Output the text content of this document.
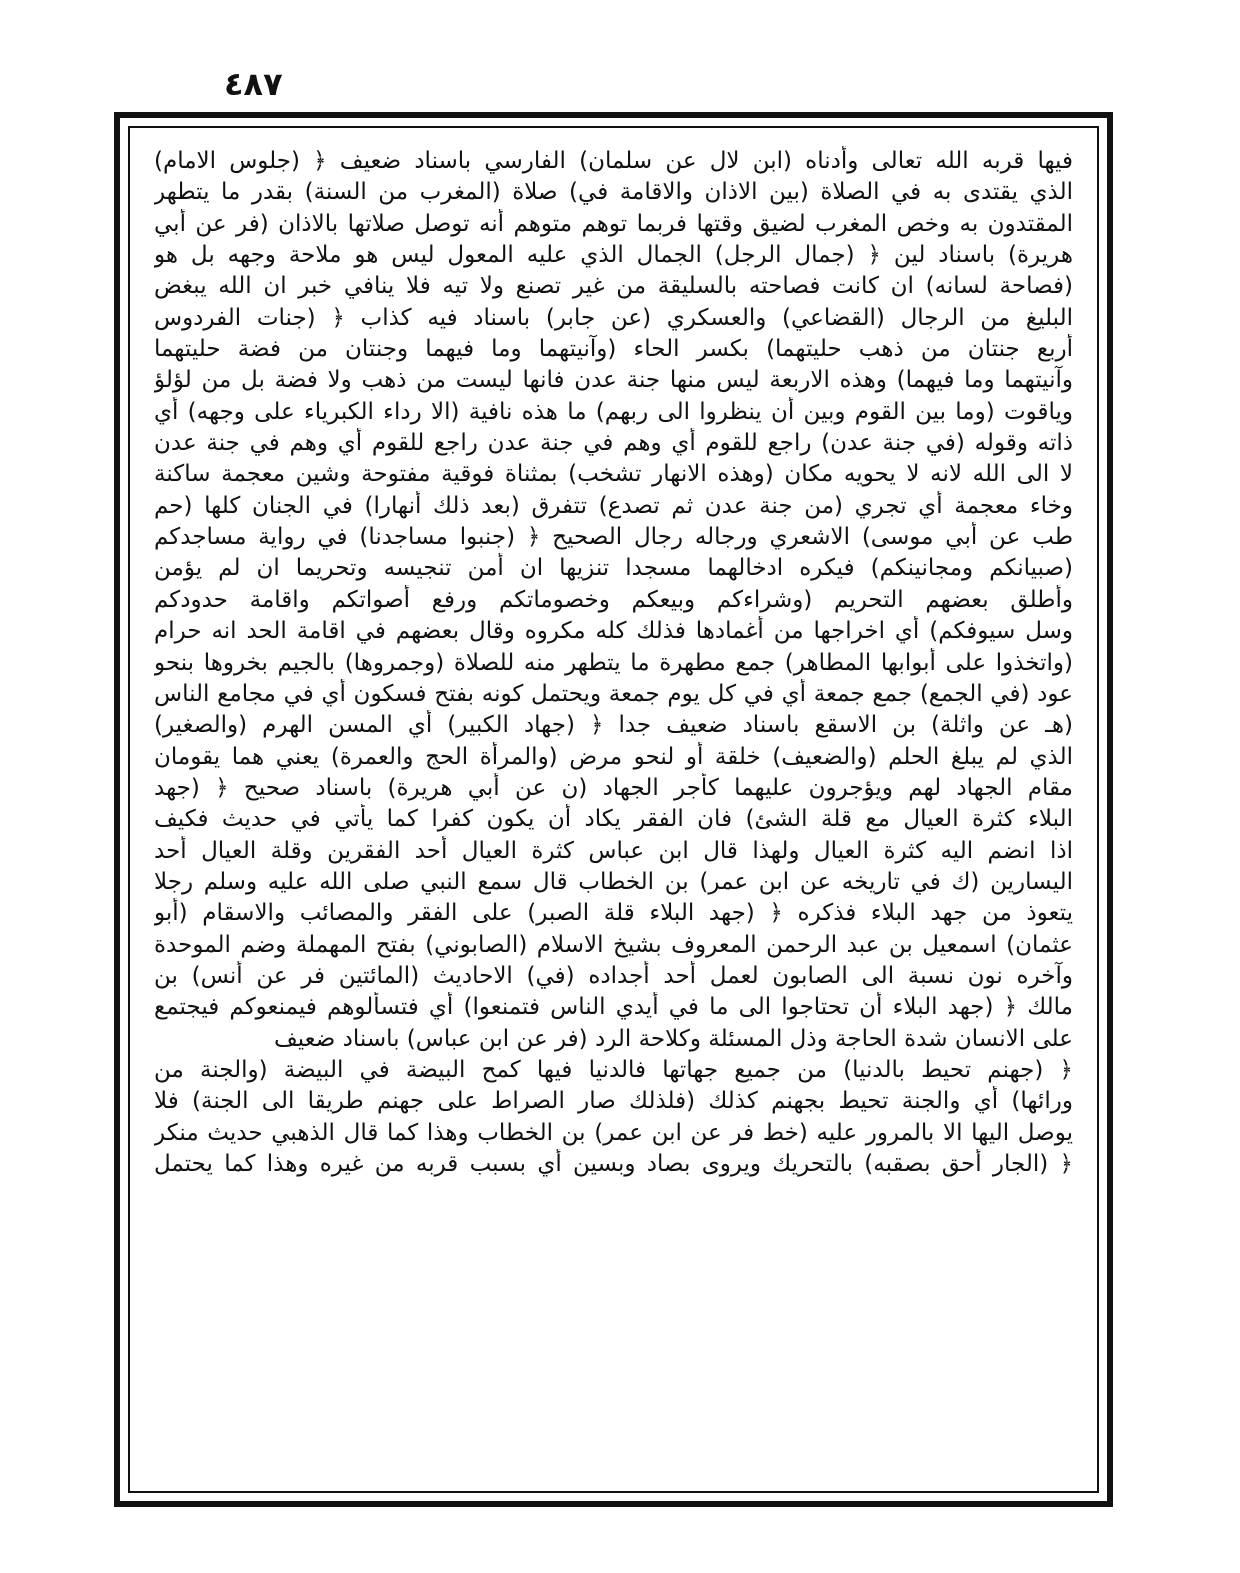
٤٨٧
فيها قربه الله تعالى وأدناه (ابن لال عن سلمان) الفارسي باسناد ضعيف ﴿ (جلوس الامام)
الذي يقتدى به في الصلاة (بين الاذان والاقامة في) صلاة (المغرب من السنة) بقدر ما يتطهر
المقتدون به وخص المغرب لضيق وقتها فربما توهم متوهم أنه توصل صلاتها بالاذان (فر عن أبي
هريرة) باسناد لين ﴿ (جمال الرجل) الجمال الذي عليه المعول ليس هو ملاحة وجهه بل هو
(فصاحة لسانه) ان كانت فصاحته بالسليقة من غير تصنع ولا تيه فلا ينافي خبر ان الله يبغض
البليغ من الرجال (القضاعي) والعسكري (عن جابر) باسناد فيه كذاب ﴿ (جنات الفردوس
أربع جنتان من ذهب حليتهما) بكسر الحاء (وآنيتهما وما فيهما وجنتان من فضة حليتهما
وآنيتهما وما فيهما) وهذه الاربعة ليس منها جنة عدن فانها ليست من ذهب ولا فضة بل من لؤلؤ
وياقوت (وما بين القوم وبين أن ينظروا الى ربهم) ما هذه نافية (الا رداء الكبرياء على وجهه) أي
ذاته وقوله (في جنة عدن) راجع للقوم أي وهم في جنة عدن راجع للقوم أي وهم في جنة عدن
لا الى الله لانه لا يحويه مكان (وهذه الانهار تشخب) بمثناة فوقية مفتوحة وشين معجمة ساكنة
وخاء معجمة أي تجري (من جنة عدن ثم تصدع) تتفرق (بعد ذلك أنهارا) في الجنان كلها (حم
طب عن أبي موسى) الاشعري ورجاله رجال الصحيح ﴿ (جنبوا مساجدنا) في رواية مساجدكم
(صبيانكم ومجانينكم) فيكره ادخالهما مسجدا تنزيها ان أمن تنجيسه وتحريما ان لم يؤمن
وأطلق بعضهم التحريم (وشراءكم وبيعكم وخصوماتكم ورفع أصواتكم واقامة حدودكم
وسل سيوفكم) أي اخراجها من أغمادها فذلك كله مكروه وقال بعضهم في اقامة الحد انه حرام
(واتخذوا على أبوابها المطاهر) جمع مطهرة ما يتطهر منه للصلاة (وجمروها) بالجيم بخروها بنحو
عود (في الجمع) جمع جمعة أي في كل يوم جمعة ويحتمل كونه بفتح فسكون أي في مجامع الناس
(هـ عن واثلة) بن الاسقع باسناد ضعيف جدا ﴿ (جهاد الكبير) أي المسن الهرم (والصغير)
الذي لم يبلغ الحلم (والضعيف) خلقة أو لنحو مرض (والمرأة الحج والعمرة) يعني هما يقومان
مقام الجهاد لهم ويؤجرون عليهما كأجر الجهاد (ن عن أبي هريرة) باسناد صحيح ﴿ (جهد
البلاء كثرة العيال مع قلة الشئ) فان الفقر يكاد أن يكون كفرا كما يأتي في حديث فكيف
اذا انضم اليه كثرة العيال ولهذا قال ابن عباس كثرة العيال أحد الفقرين وقلة العيال أحد
اليسارين (ك في تاريخه عن ابن عمر) بن الخطاب قال سمع النبي صلى الله عليه وسلم رجلا
يتعوذ من جهد البلاء فذكره ﴿ (جهد البلاء قلة الصبر) على الفقر والمصائب والاسقام (أبو
عثمان) اسمعيل بن عبد الرحمن المعروف بشيخ الاسلام (الصابوني) بفتح المهملة وضم الموحدة
وآخره نون نسبة الى الصابون لعمل أحد أجداده (في) الاحاديث (المائتين فر عن أنس) بن
مالك ﴿ (جهد البلاء أن تحتاجوا الى ما في أيدي الناس فتمنعوا) أي فتسألوهم فيمنعوكم فيجتمع
على الانسان شدة الحاجة وذل المسئلة وكلاحة الرد (فر عن ابن عباس) باسناد ضعيف
﴿ (جهنم تحيط بالدنيا) من جميع جهاتها فالدنيا فيها كمح البيضة في البيضة (والجنة من
ورائها) أي والجنة تحيط بجهنم كذلك (فلذلك صار الصراط على جهنم طريقا الى الجنة) فلا
يوصل اليها الا بالمرور عليه (خط فر عن ابن عمر) بن الخطاب وهذا كما قال الذهبي حديث منكر
﴿ (الجار أحق بصقبه) بالتحريك ويروى بصاد وبسين أي بسبب قربه من غيره وهذا كما يحتمل
